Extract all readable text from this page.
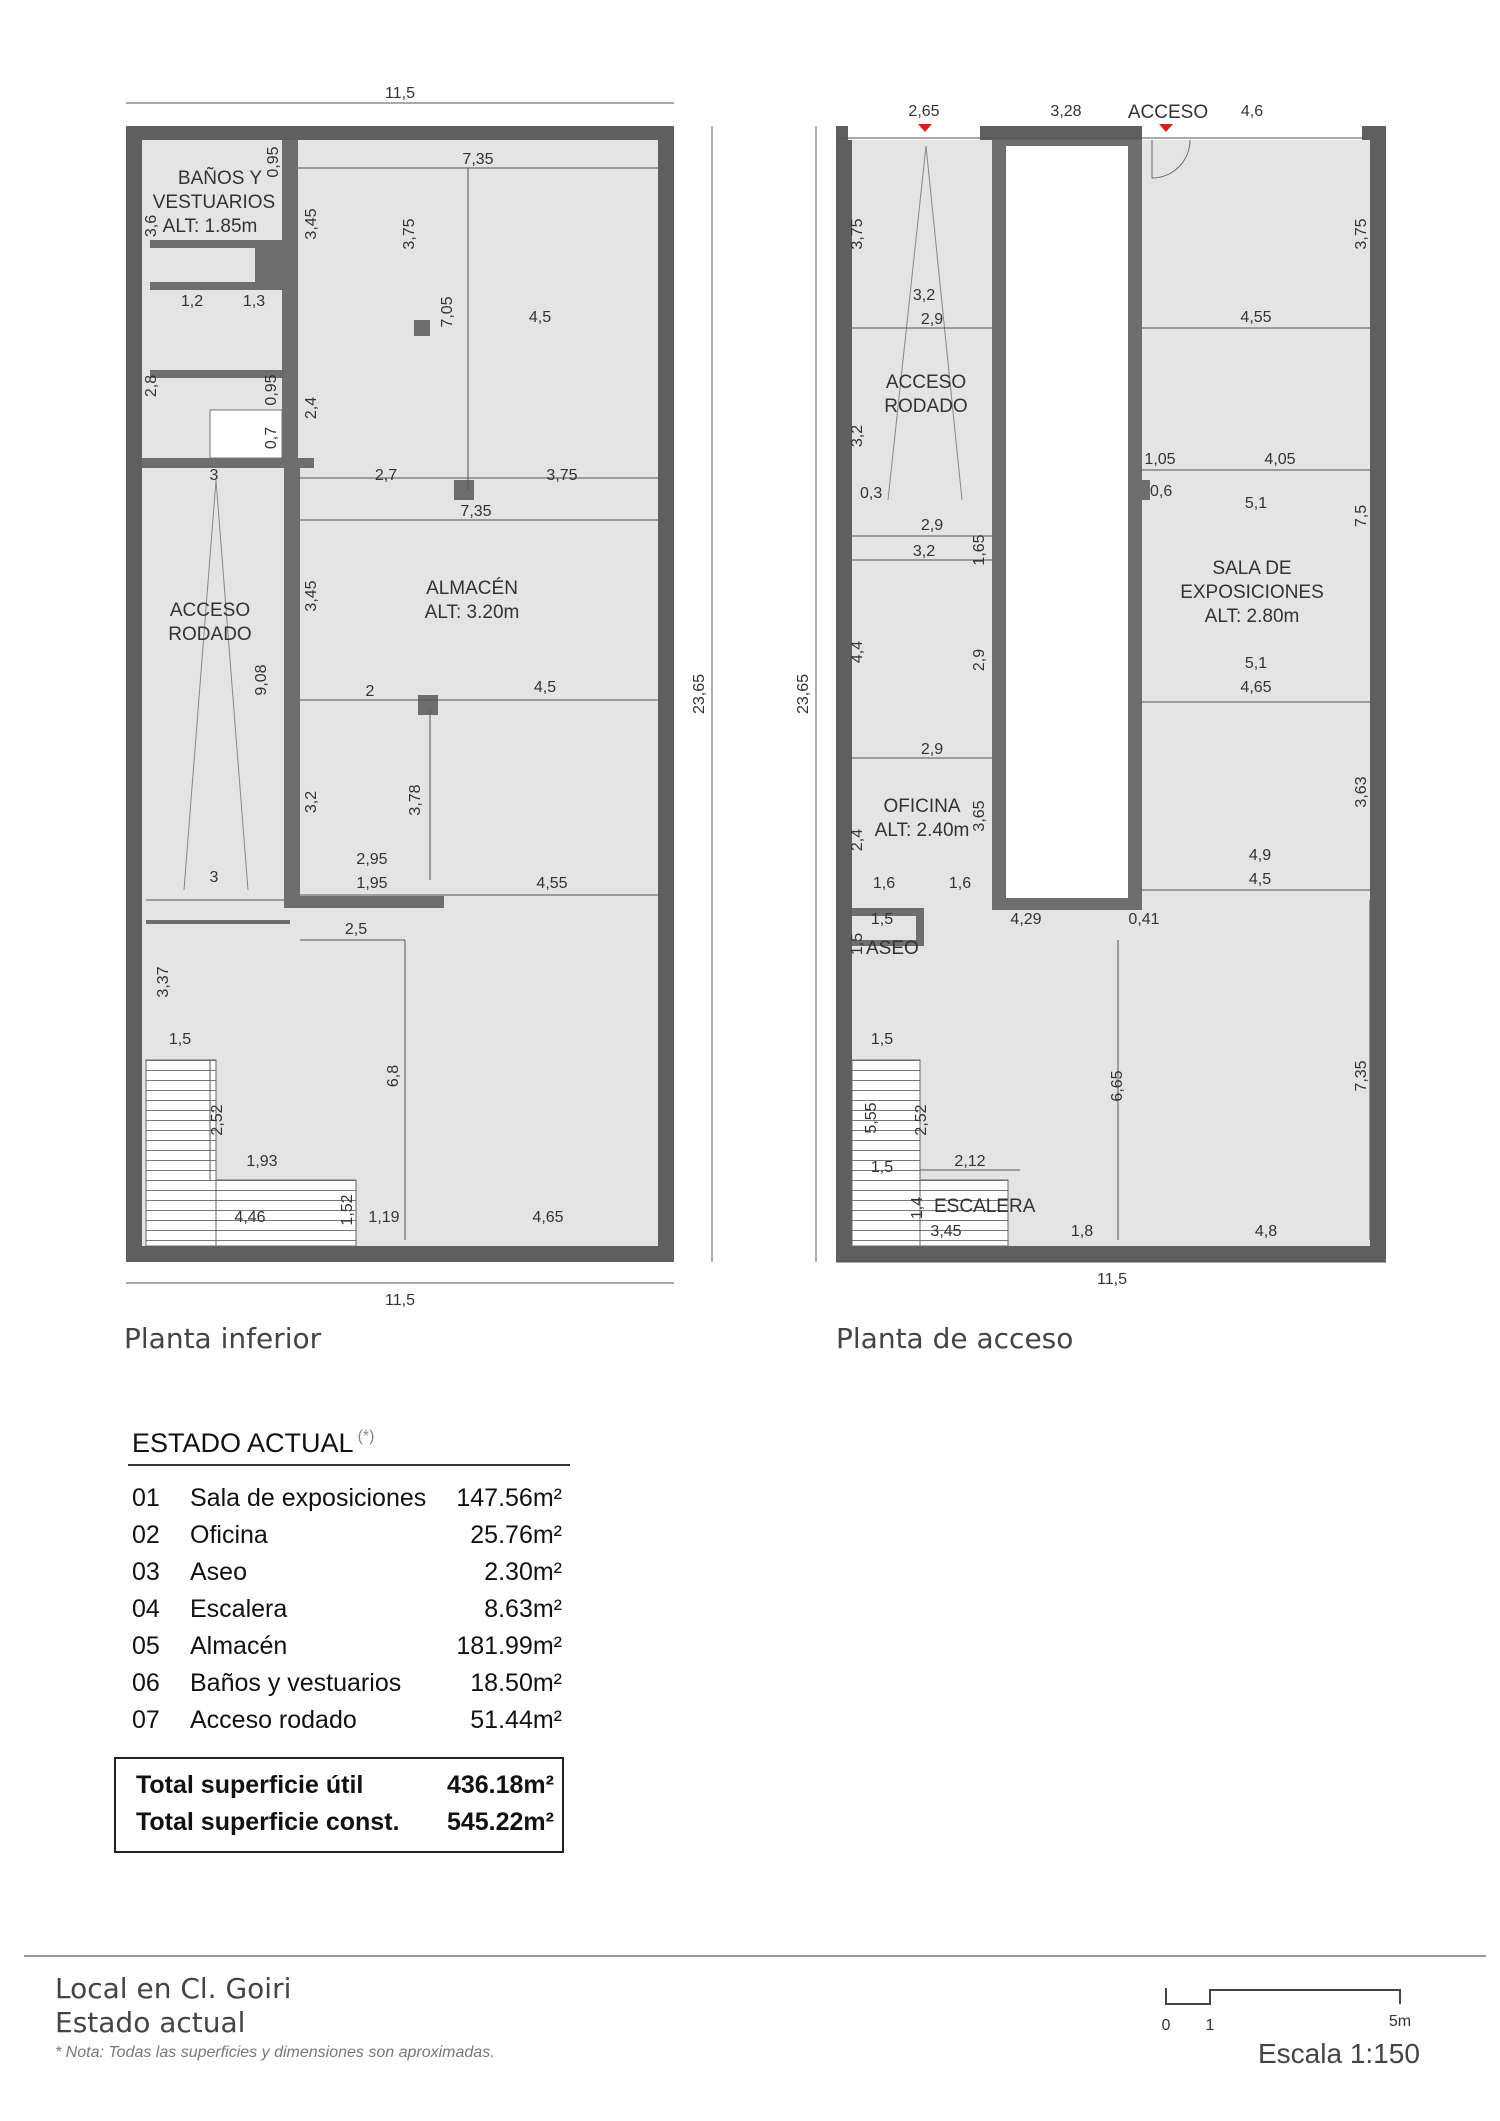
BAÑOS Y
VESTUARIOS
ALT: 1.85m
ALMACÉN
ALT: 3.20m
ACCESO
RODADO
11,5
11,5
23,65
7,35
3,75
7,05	4,5
0,95
3,45
3,6
1,2 1,3
2,8	0,95
0,7
2,4
3	2,7	3,75
7,35
3,45
9,08	2	4,5
3,2	3,78
2,95
1,95	4,55
3
2,5
3,37
1,5
6,8
2,52
1,93
4,46	1,52 1,19	4,65
ACCESO
RODADO
SALA DE
EXPOSICIONES
ALT: 2.80m
OFICINA
ALT: 2.40m
ASEO
ESCALERA
ACCESO
2,65	3,28	4,6
11,5
23,65
3,75	3,75
3,2
2,9	4,55
3,2
0,3
1,05	4,05
0,6
5,1
7,5
2,9
3,2 1,65
4,4	2,9	5,1
4,65
2,9
3,63
2,4
3,65
4,9
4,5
1,6	1,6
1,5	4,29	0,41
1,5
1,5
6,65	7,35
5,55 2,52
1,5	2,12
1,4
3,45	1,8	4,8
0 1	5m
Planta inferior	Planta de acceso
ESTADO ACTUAL (*)
01	Sala de exposiciones	147.56m²
02	Oficina	25.76m²
03	Aseo	2.30m²
04	Escalera	8.63m²
05	Almacén	181.99m²
06	Baños y vestuarios	18.50m²
07	Acceso rodado	51.44m²
Total superficie útil	436.18m²
Total superficie const.	545.22m²
Local en Cl. Goiri
Estado actual
* Nota: Todas las superficies y dimensiones son aproximadas.	Escala 1:150
